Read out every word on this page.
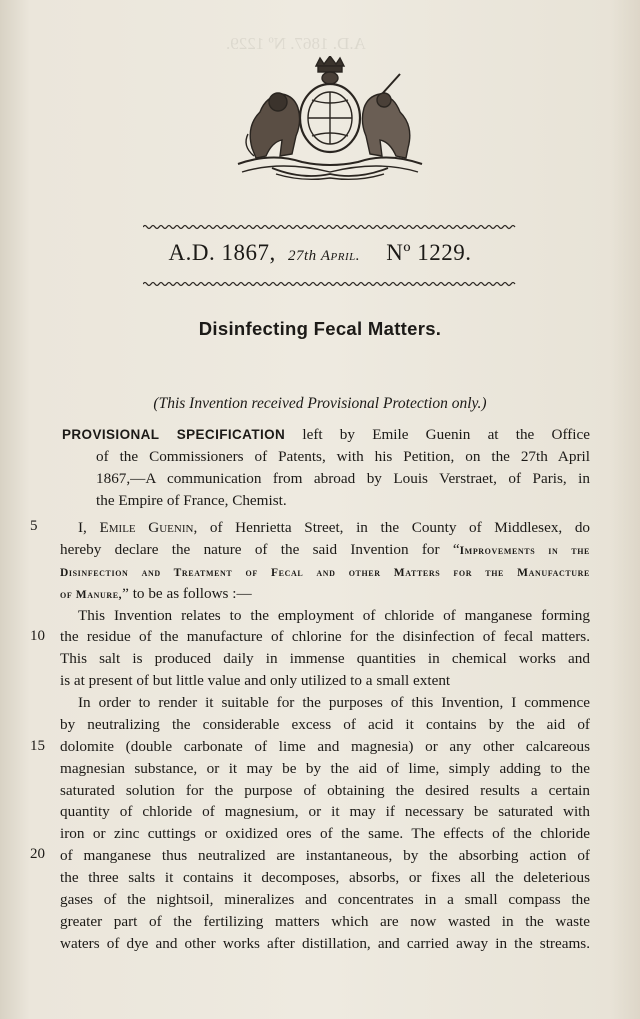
A.D. 1867. Nº 1229.
A.D. 1867, 27th April. Nº 1229.
Disinfecting Fecal Matters.
(This Invention received Provisional Protection only.)
PROVISIONAL SPECIFICATION left by Emile Guenin at the Office
of the Commissioners of Patents, with his Petition, on the 27th April
1867,—A communication from abroad by Louis Verstraet, of Paris, in
the Empire of France, Chemist.
5
10
15
20
I, Emile Guenin, of Henrietta Street, in the County of Middlesex, do
hereby declare the nature of the said Invention for “Improvements in the
Disinfection and Treatment of Fecal and other Matters for the Manufacture
of Manure,” to be as follows :—
This Invention relates to the employment of chloride of manganese forming
the residue of the manufacture of chlorine for the disinfection of fecal matters.
This salt is produced daily in immense quantities in chemical works and
is at present of but little value and only utilized to a small extent
In order to render it suitable for the purposes of this Invention, I commence
by neutralizing the considerable excess of acid it contains by the aid of
dolomite (double carbonate of lime and magnesia) or any other calcareous
magnesian substance, or it may be by the aid of lime, simply adding to the
saturated solution for the purpose of obtaining the desired results a certain
quantity of chloride of magnesium, or it may if necessary be saturated with
iron or zinc cuttings or oxidized ores of the same. The effects of the chloride
of manganese thus neutralized are instantaneous, by the absorbing action of
the three salts it contains it decomposes, absorbs, or fixes all the deleterious
gases of the nightsoil, mineralizes and concentrates in a small compass the
greater part of the fertilizing matters which are now wasted in the waste
waters of dye and other works after distillation, and carried away in the streams.
